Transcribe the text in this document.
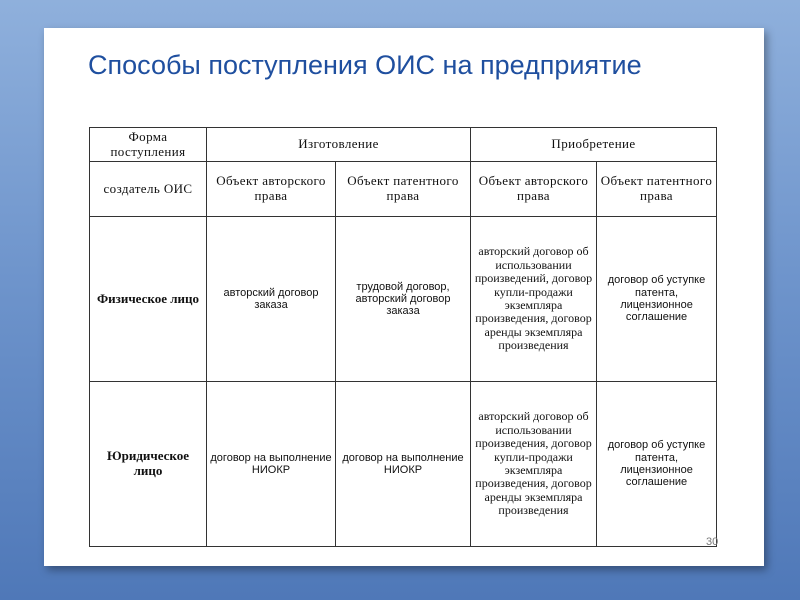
Способы поступления ОИС на предприятие
Форма поступления	Изготовление		Приобретение	
создатель ОИС	Объект авторского права	Объект патентного права	Объект авторского права	Объект патентного права
Физическое лицо	авторский договор заказа	трудовой договор, авторский договор заказа	авторский договор об использовании произведений, договор купли-продажи экземпляра произведения, договор аренды экземпляра произведения	договор об уступке патента, лицензионное соглашение
Юридическое лицо	договор на выполнение НИОКР	договор на выполнение НИОКР	авторский договор об использовании произведения, договор купли-продажи экземпляра произведения, договор аренды экземпляра произведения	договор об уступке патента, лицензионное соглашение
30
